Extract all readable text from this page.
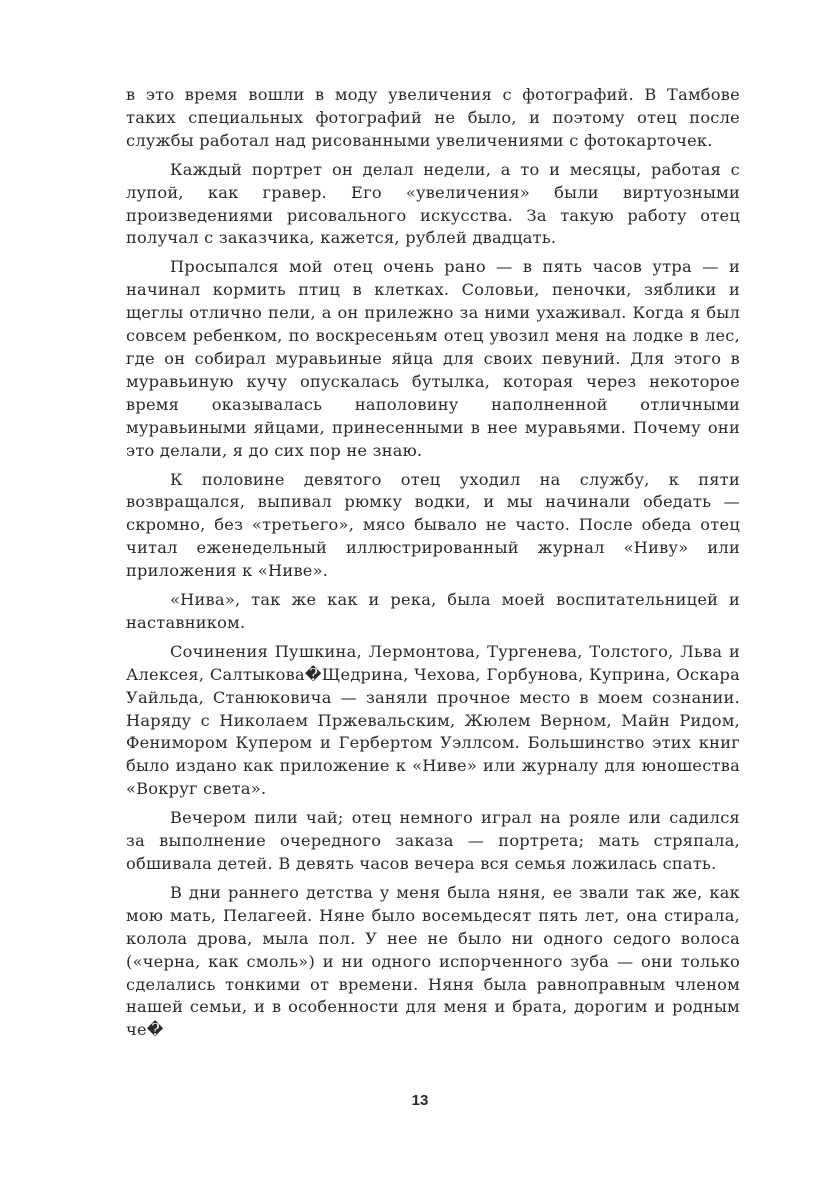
в это время вошли в моду увеличения с фотографий. В Тамбове таких специальных фотографий не было, и поэтому отец после службы работал над рисованными увеличениями с фотокарточек.

Каждый портрет он делал недели, а то и месяцы, работая с лупой, как гравер. Его «увеличения» были виртуозными произведениями рисовального искусства. За такую работу отец получал с заказчика, кажется, рублей двадцать.

Просыпался мой отец очень рано — в пять часов утра — и начинал кормить птиц в клетках. Соловьи, пеночки, зяблики и щеглы отлично пели, а он прилежно за ними ухаживал. Когда я был совсем ребенком, по воскресеньям отец увозил меня на лодке в лес, где он собирал муравьиные яйца для своих певуний. Для этого в муравьиную кучу опускалась бутылка, которая через некоторое время оказывалась наполовину наполненной отличными муравьиными яйцами, принесенными в нее муравьями. Почему они это делали, я до сих пор не знаю.

К половине девятого отец уходил на службу, к пяти возвращался, выпивал рюмку водки, и мы начинали обедать — скромно, без «третьего», мясо бывало не часто. После обеда отец читал еженедельный иллюстрированный журнал «Ниву» или приложения к «Ниве».

«Нива», так же как и река, была моей воспитательницей и наставником.

Сочинения Пушкина, Лермонтова, Тургенева, Толстого, Льва и Алексея, Салтыкова�Щедрина, Чехова, Горбунова, Куприна, Оскара Уайльда, Станюковича — заняли прочное место в моем сознании. Наряду с Николаем Пржевальским, Жюлем Верном, Майн Ридом, Фенимором Купером и Гербертом Уэллсом. Большинство этих книг было издано как приложение к «Ниве» или журналу для юношества «Вокруг света».

Вечером пили чай; отец немного играл на рояле или садился за выполнение очередного заказа — портрета; мать стряпала, обшивала детей. В девять часов вечера вся семья ложилась спать.

В дни раннего детства у меня была няня, ее звали так же, как мою мать, Пелагеей. Няне было восемьдесят пять лет, она стирала, колола дрова, мыла пол. У нее не было ни одного седого волоса («черна, как смоль») и ни одного испорченного зуба — они только сделались тонкими от времени. Няня была равноправным членом нашей семьи, и в особенности для меня и брата, дорогим и родным че�

13
